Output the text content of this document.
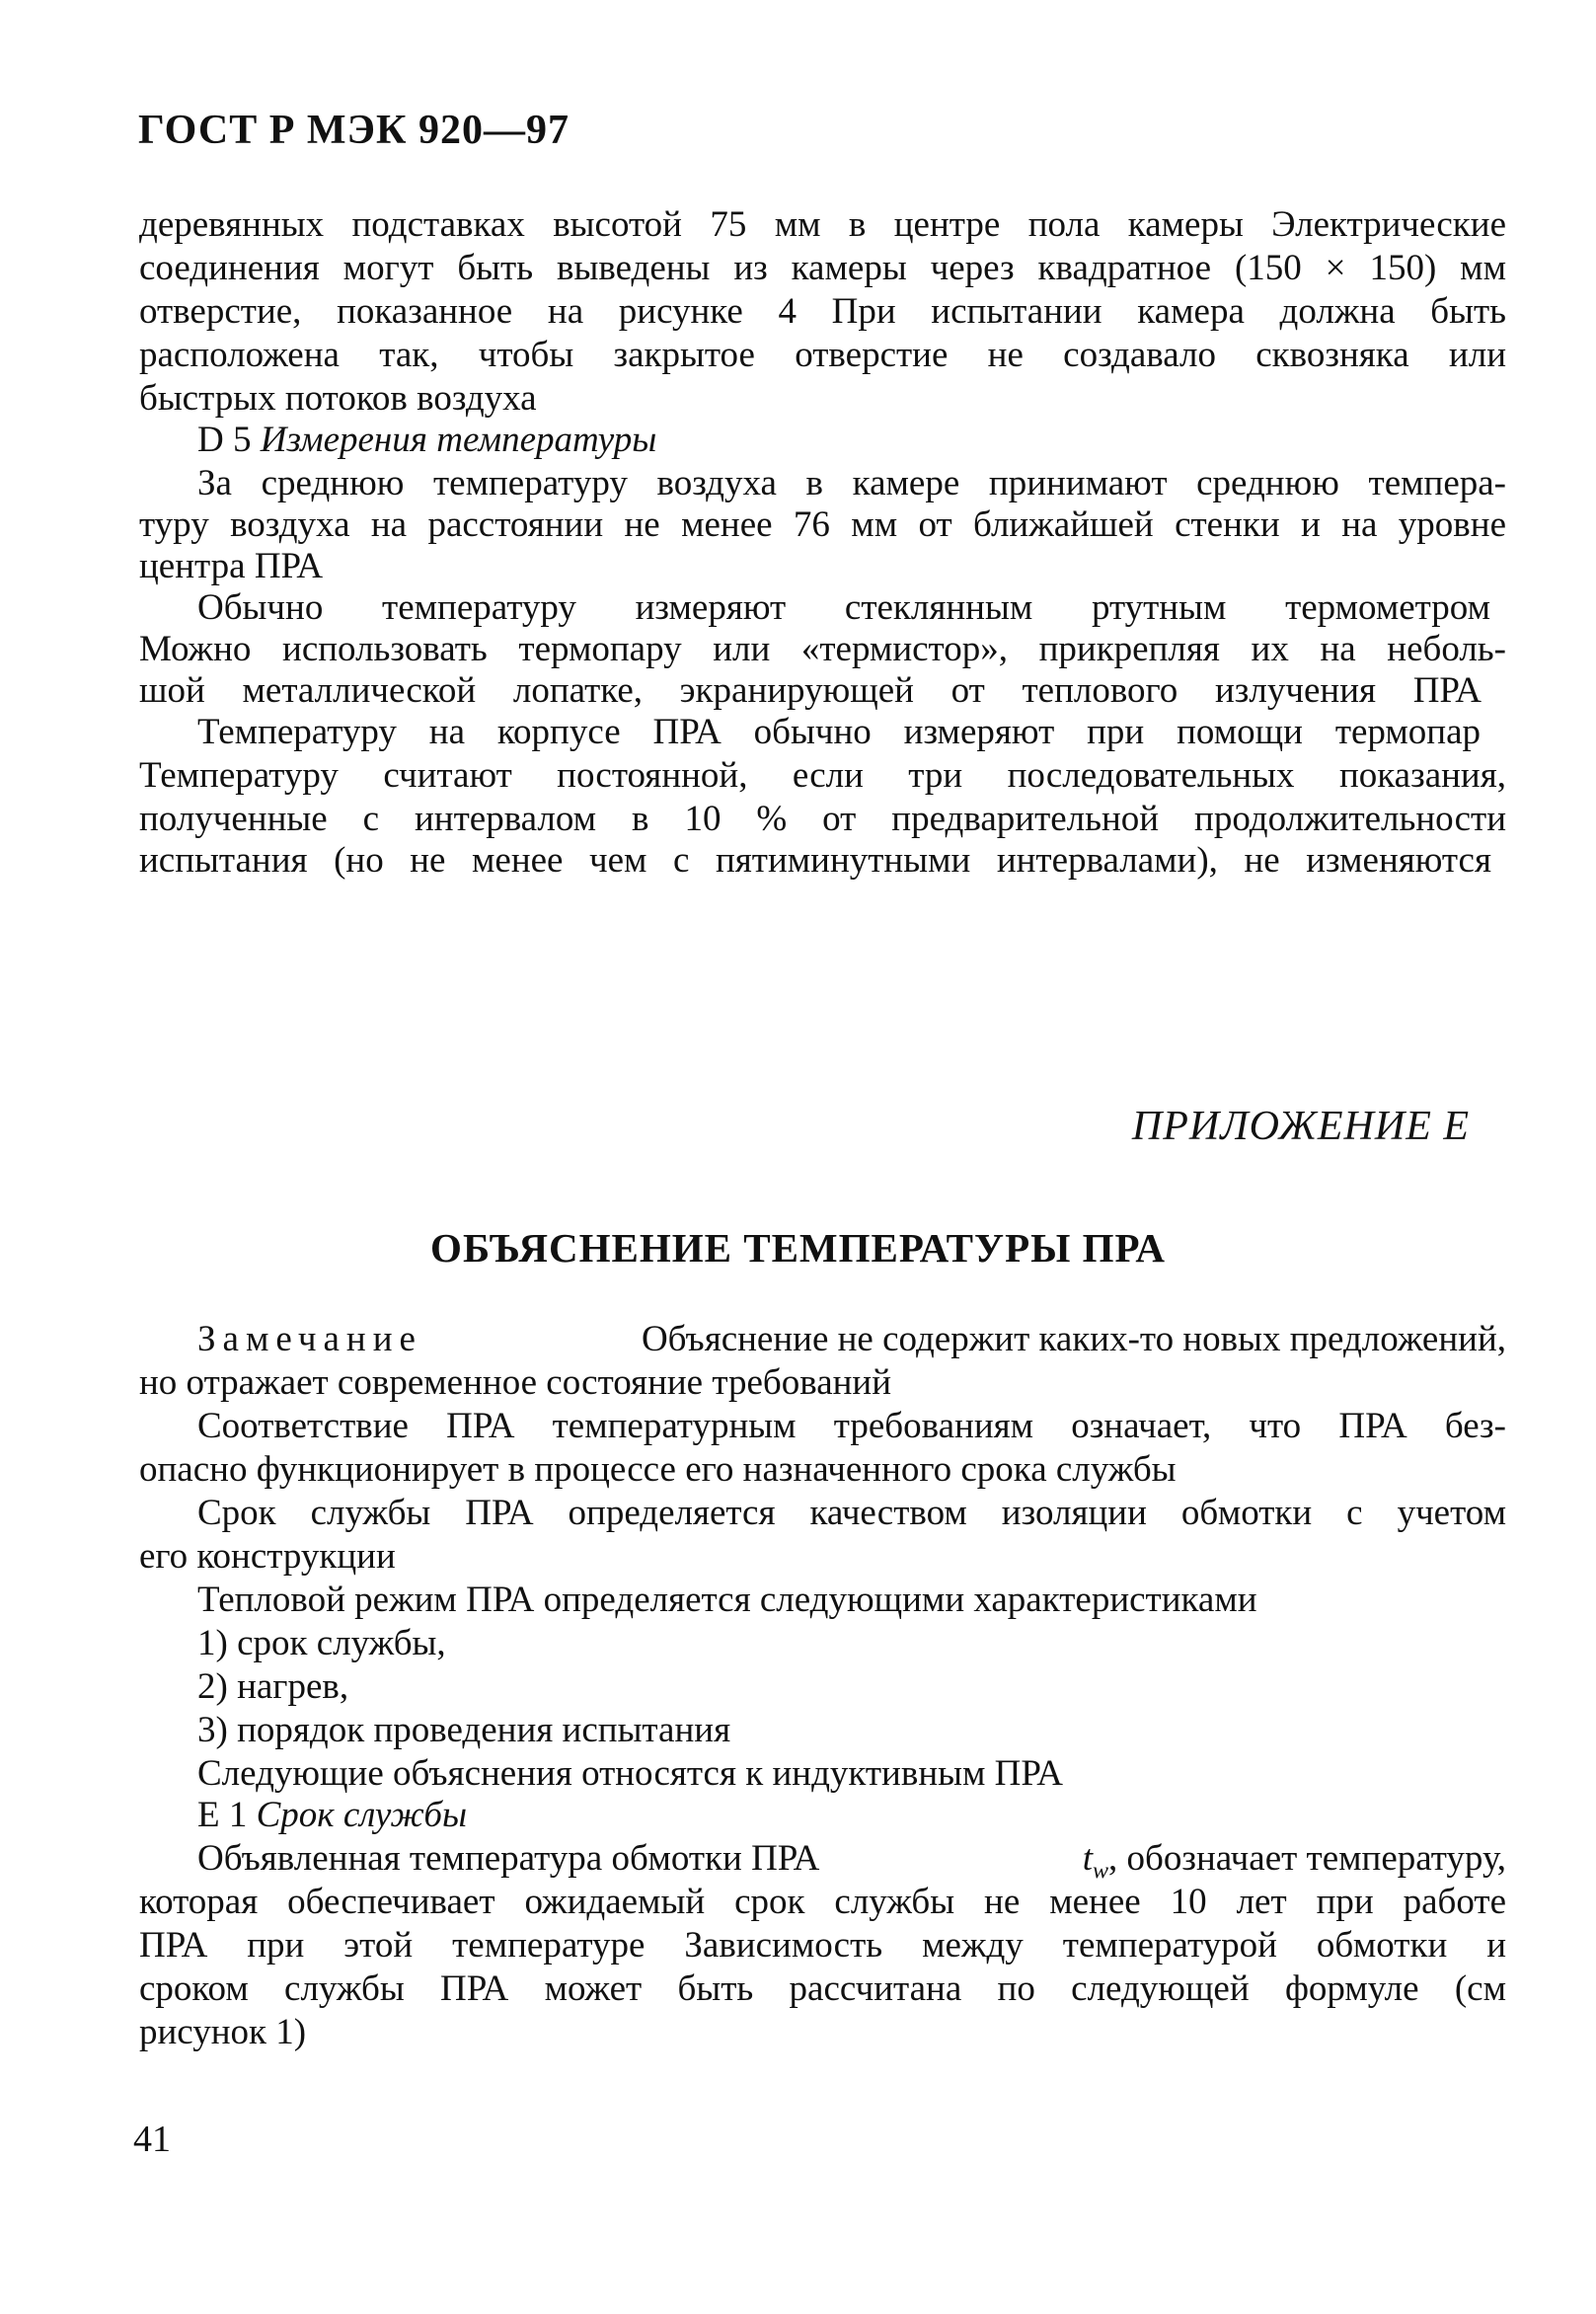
ГОСТ Р МЭК 920—97
деревянных подставках высотой 75 мм в центре пола камеры Электрические
соединения могут быть выведены из камеры через квадратное (150 × 150) мм
отверстие, показанное на рисунке 4 При испытании камера должна быть
расположена так, чтобы закрытое отверстие не создавало сквозняка или
быстрых потоков воздуха
D 5 Измерения температуры
За среднюю температуру воздуха в камере принимают среднюю темпера-
туру воздуха на расстоянии не менее 76 мм от ближайшей стенки и на уровне
центра ПРА
Обычно температуру измеряют стеклянным ртутным термометром
Можно использовать термопару или «термистор», прикрепляя их на неболь-
шой металлической лопатке, экранирующей от теплового излучения ПРА
Температуру на корпусе ПРА обычно измеряют при помощи термопар
Температуру считают постоянной, если три последовательных показания,
полученные с интервалом в 10 % от предварительной продолжительности
испытания (но не менее чем с пятиминутными интервалами), не изменяются
ПРИЛОЖЕНИЕ Е
ОБЪЯСНЕНИЕ ТЕМПЕРАТУРЫ ПРА
Замечание	Объяснение не содержит каких-то новых предложений,
но отражает современное состояние требований
Соответствие ПРА температурным требованиям означает, что ПРА без-
опасно функционирует в процессе его назначенного срока службы
Срок службы ПРА определяется качеством изоляции обмотки с учетом
его конструкции
Тепловой режим ПРА определяется следующими характеристиками
1) срок службы,
2) нагрев,
3) порядок проведения испытания
Следующие объяснения относятся к индуктивным ПРА
Е 1 Срок службы
Объявленная температура обмотки ПРА	$t_w$, обозначает температуру,
которая обеспечивает ожидаемый срок службы не менее 10 лет при работе
ПРА при этой температуре Зависимость между температурой обмотки и
сроком службы ПРА может быть рассчитана по следующей формуле (см
рисунок 1)
41
